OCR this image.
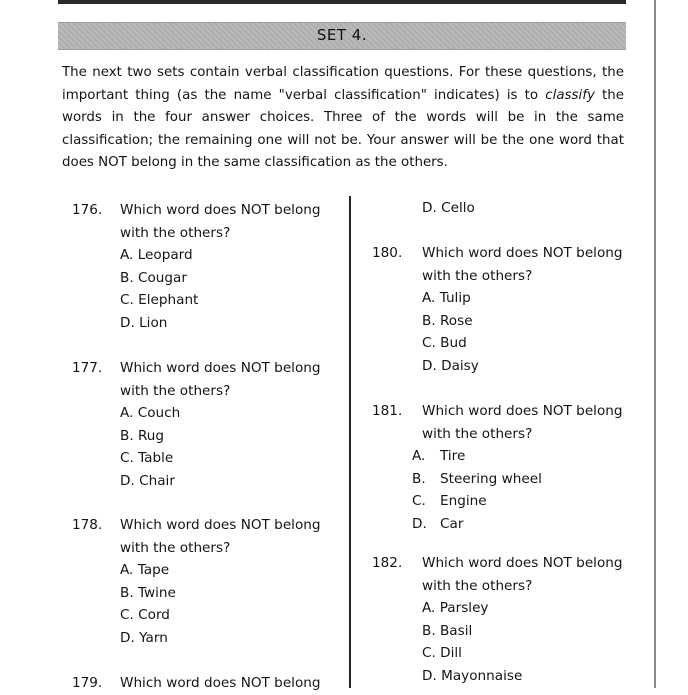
SET 4.
The next two sets contain verbal classification questions. For these questions, the important thing (as the name "verbal classification" indicates) is to classify the words in the four answer choices. Three of the words will be in the same classification; the remaining one will not be. Your answer will be the one word that does NOT belong in the same classification as the others.
176. Which word does NOT belong
with the others?
A. Leopard
B. Cougar
C. Elephant
D. Lion
177. Which word does NOT belong
with the others?
A. Couch
B. Rug
C. Table
D. Chair
178. Which word does NOT belong
with the others?
A. Tape
B. Twine
C. Cord
D. Yarn
179. Which word does NOT belong
D. Cello
180. Which word does NOT belong
with the others?
A. Tulip
B. Rose
C. Bud
D. Daisy
181. Which word does NOT belong
with the others?
A. Tire
B. Steering wheel
C. Engine
D. Car
182. Which word does NOT belong
with the others?
A. Parsley
B. Basil
C. Dill
D. Mayonnaise
